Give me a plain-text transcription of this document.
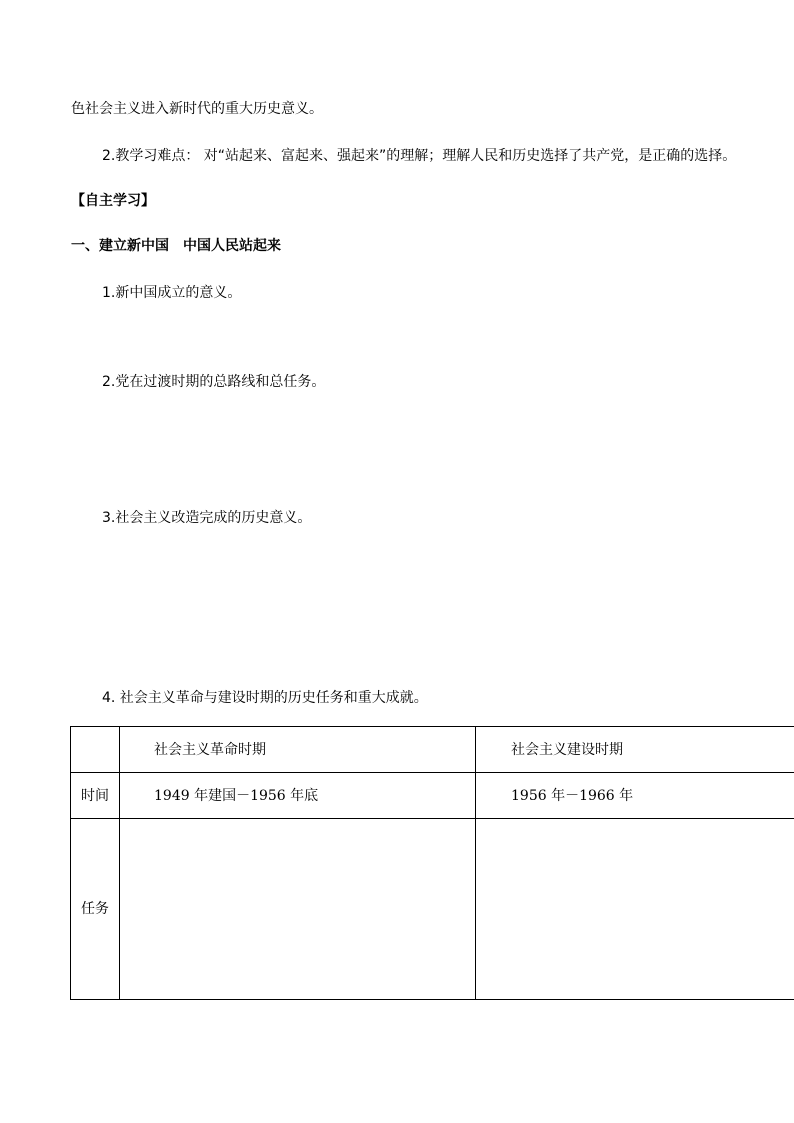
色社会主义进入新时代的重大历史意义。
2.教学习难点： 对“站起来、富起来、强起来”的理解；理解人民和历史选择了共产党，是正确的选择。
【自主学习】
一、建立新中国　中国人民站起来
1.新中国成立的意义。
2.党在过渡时期的总路线和总任务。
3.社会主义改造完成的历史意义。
4. 社会主义革命与建设时期的历史任务和重大成就。
	社会主义革命时期	社会主义建设时期
时间	1949 年建国－1956 年底	1956 年－1966 年
任务		
